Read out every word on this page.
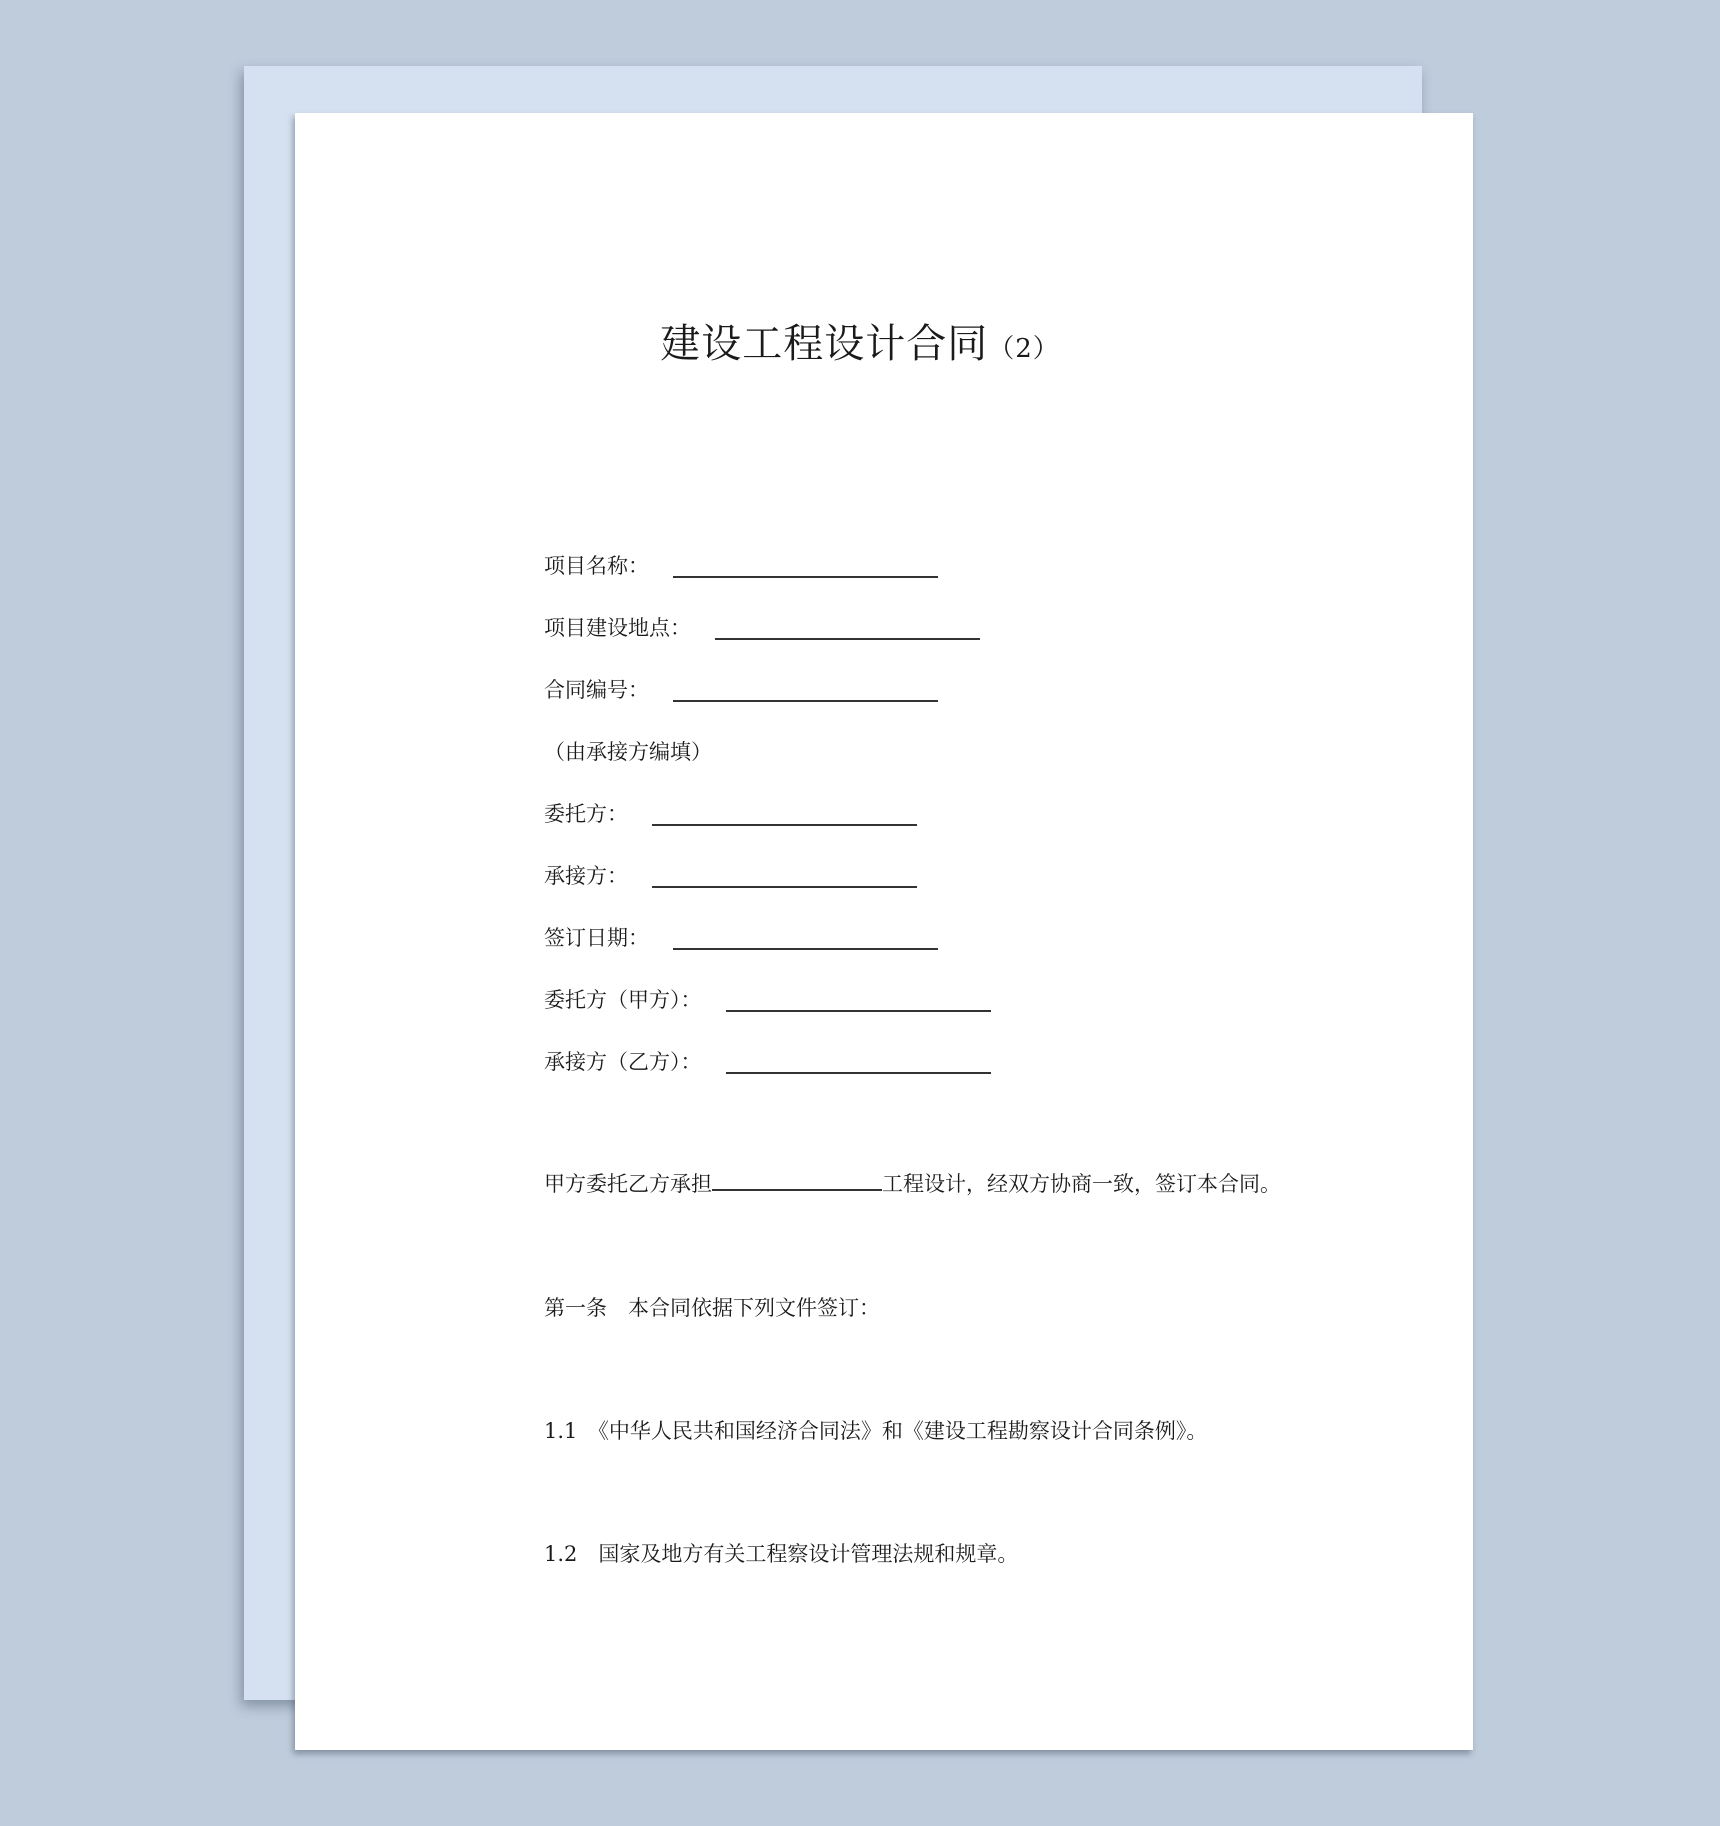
建设工程设计合同（2）
项目名称：
项目建设地点：
合同编号：
（由承接方编填）
委托方：
承接方：
签订日期：
委托方（甲方）：
承接方（乙方）：
甲方委托乙方承担	工程设计，经双方协商一致，签订本合同。
第一条　本合同依据下列文件签订：
1.1　《中华人民共和国经济合同法》和《建设工程勘察设计合同条例》。
1.2　国家及地方有关工程察设计管理法规和规章。
